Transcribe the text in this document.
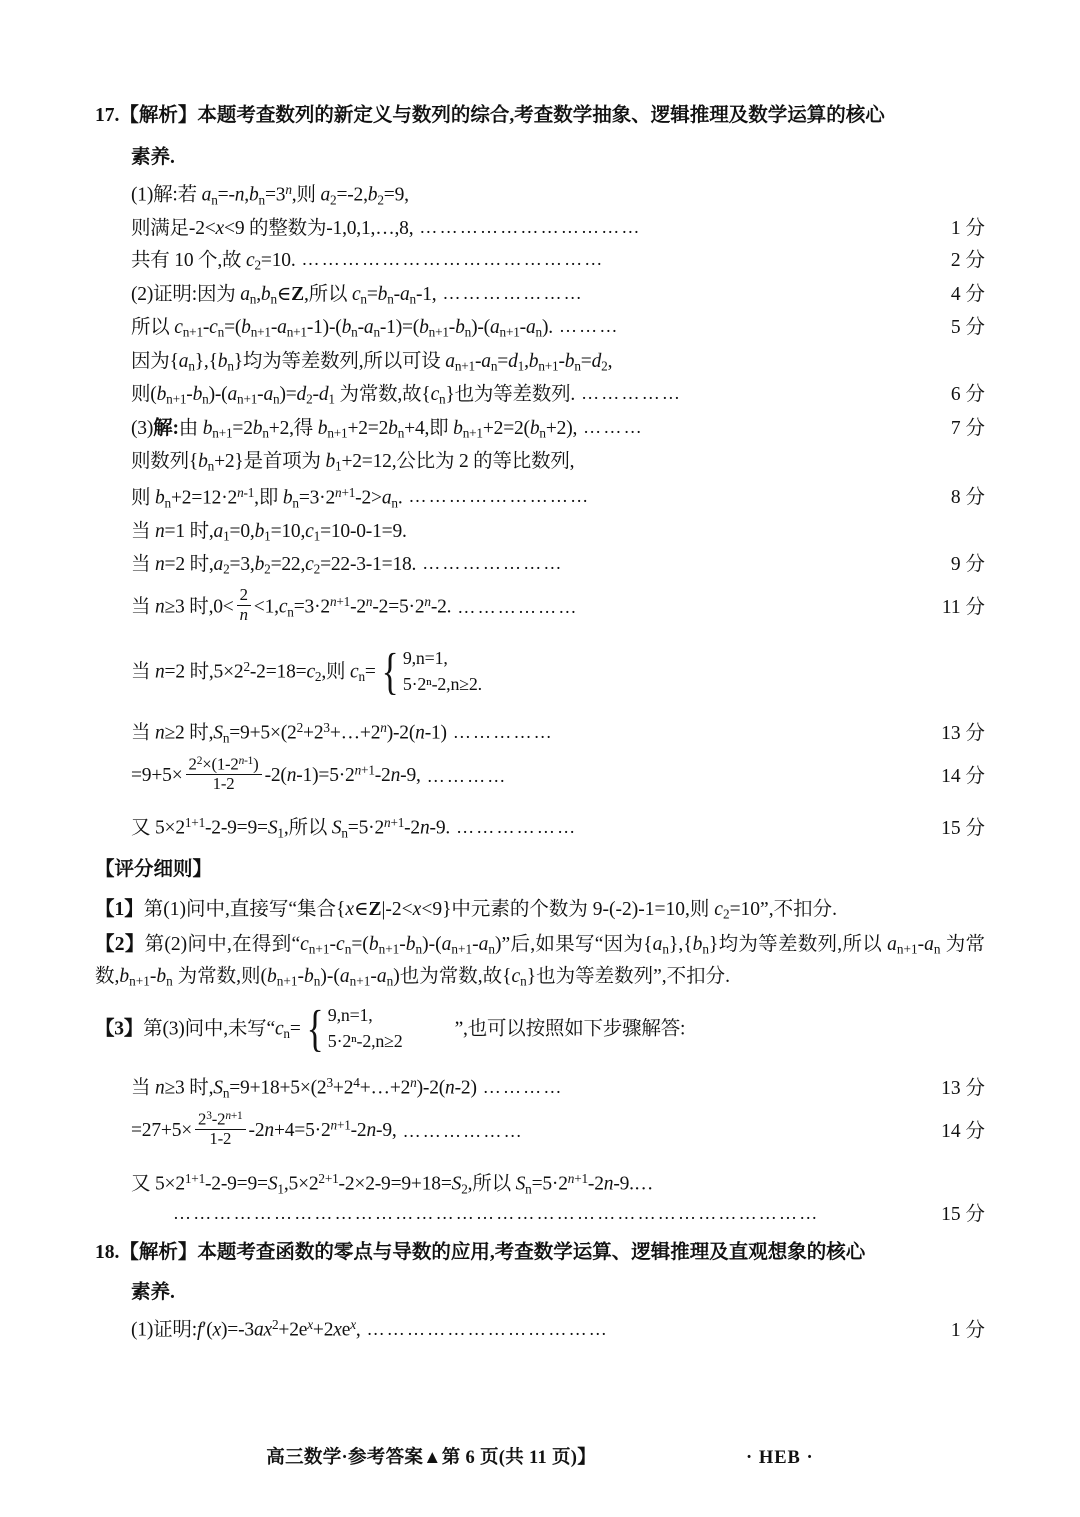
17.【解析】本题考查数列的新定义与数列的综合,考查数学抽象、逻辑推理及数学运算的核心
素养.
(1)解:若 $a_n=-n,b_n=3^n$,则 $a_2=-2,b_2=9$,
则满足-2<x<9 的整数为-1,0,1,…,8, ……………………………	1 分
共有 10 个,故 $c_2=10$. ………………………………………	2 分
(2)证明:因为 $a_n,b_n\in Z$,所以 $c_n=b_n-a_n-1$, …………………	4 分
所以 $c_{n+1}-c_n=(b_{n+1}-a_{n+1}-1)-(b_n-a_n-1)=(b_{n+1}-b_n)-(a_{n+1}-a_n)$. ………	5 分
因为$\{a_n\},\{b_n\}$均为等差数列,所以可设 $a_{n+1}-a_n=d_1,b_{n+1}-b_n=d_2$,
则$(b_{n+1}-b_n)-(a_{n+1}-a_n)=d_2-d_1$ 为常数,故$\{c_n\}$也为等差数列. ……………	6 分
(3)解:由 $b_{n+1}=2b_n+2$,得 $b_{n+1}+2=2b_n+4$,即 $b_{n+1}+2=2(b_n+2)$, ………	7 分
则数列$\{b_n+2\}$是首项为 $b_1+2=12$,公比为 2 的等比数列,
则 $b_n+2=12\cdot 2^{n-1}$,即 $b_n=3\cdot 2^{n+1}-2>a_n$. ………………………	8 分
当 n=1 时$,a_1=0,b_1=10,c_1=10-0-1=9$.
当 n=2 时$,a_2=3,b_2=22,c_2=22-3-1=18$. …………………	9 分
当 n≥3 时$,0< \frac{2}{n} <1,c_n=3\cdot 2^{n+1}-2^n-2=5\cdot 2^n-2$. ………………	11 分
当 n=2 时$,5\times 2^2-2=18=c_2$,则 $c_n=$ { 9,n=1,
5·2ⁿ-2,n≥2.
当 n≥2 时$,S_n=9+5\times(2^2+2^3+\dots+2^n)-2(n-1)$ ……………	13 分
$=9+5\times \frac{2^2\times(1-2^{n-1})}{1-2} -2(n-1)=5\cdot 2^{n+1}-2n-9$, …………	14 分
又 $5\times 2^{1+1}-2-9=9=S_1$,所以 $S_n=5\cdot 2^{n+1}-2n-9$. ………………	15 分
【评分细则】
【1】第(1)问中,直接写“集合{x∈Z|-2<x<9}中元素的个数为 9-(-2)-1=10,则 $c_2=10$”,不扣分.
【2】第(2)问中,在得到“$c_{n+1}-c_n=(b_{n+1}-b_n)-(a_{n+1}-a_n)$”后,如果写“因为$\{a_n\},\{b_n\}$均为等差数列,所以 $a_{n+1}-a_n$ 为常数$,b_{n+1}-b_n$ 为常数,则$(b_{n+1}-b_n)-(a_{n+1}-a_n)$也为常数,故$\{c_n\}$也为等差数列”,不扣分.
【3】第(3)问中,未写“$c_n=$ { 9,n=1,
5·2ⁿ-2,n≥2
”,也可以按照如下步骤解答:
当 n≥3 时$,S_n=9+18+5\times(2^3+2^4+\dots+2^n)-2(n-2)$ …………	13 分
$=27+5\times \frac{2^3-2^{n+1}}{1-2} -2n+4=5\cdot 2^{n+1}-2n-9$, ………………	14 分
又 $5\times 2^{1+1}-2-9=9=S_1,5\times 2^{2+1}-2\times 2-9=9+18=S_2$,所以 $S_n=5\cdot 2^{n+1}-2n-9.\dots$
……………………………………………………………………………………	15 分
18.【解析】本题考查函数的零点与导数的应用,考查数学运算、逻辑推理及直观想象的核心
素养.
(1)证明$:f'(x)=-3ax^2+2e^x+2xe^x$, ………………………………	1 分
高三数学·参考答案▲第 6 页(共 11 页)】	· HEB ·
